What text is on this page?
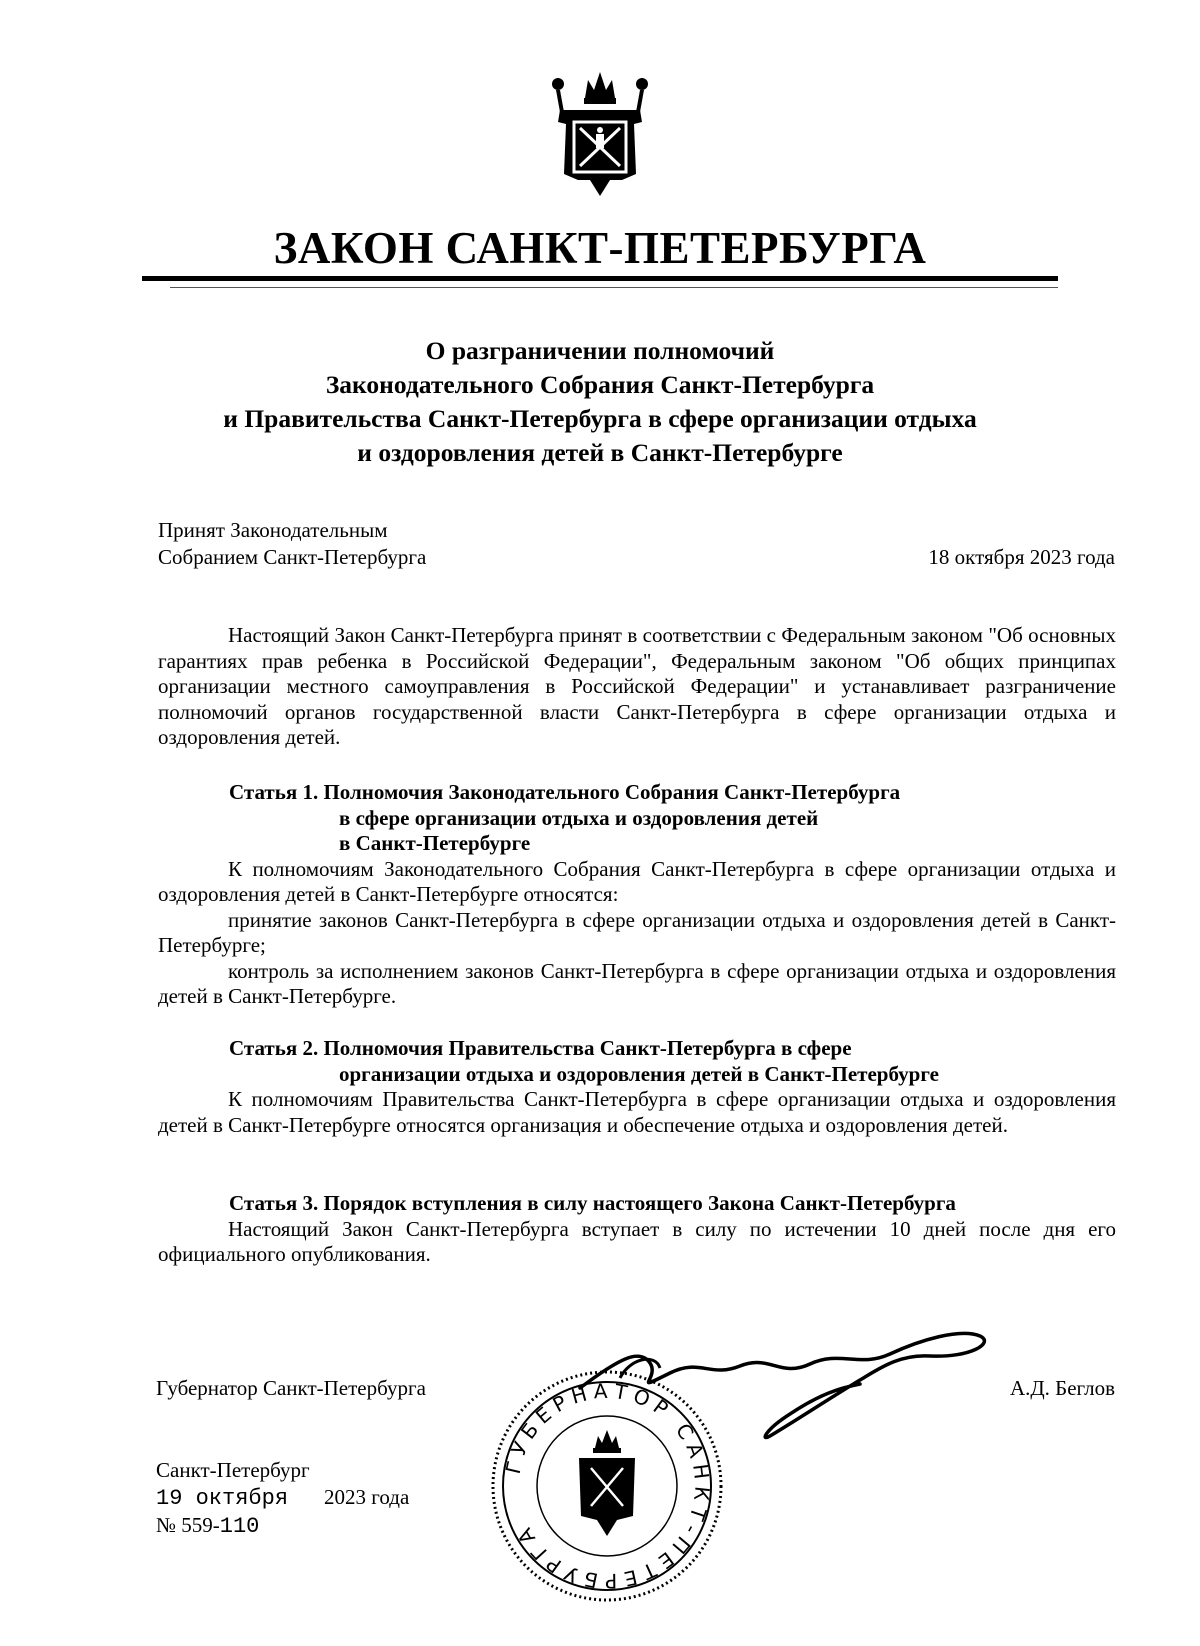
ЗАКОН САНКТ-ПЕТЕРБУРГА
О разграничении полномочий
Законодательного Собрания Санкт-Петербурга
и Правительства Санкт-Петербурга в сфере организации отдыха
и оздоровления детей в Санкт-Петербурге
Принят Законодательным
Собранием Санкт-Петербурга	18 октября 2023 года

Настоящий Закон Санкт-Петербурга принят в соответствии с Федеральным законом "Об основных гарантиях прав ребенка в Российской Федерации", Федеральным законом "Об общих принципах организации местного самоуправления в Российской Федерации" и устанавливает разграничение полномочий органов государственной власти Санкт-Петербурга в сфере организации отдыха и оздоровления детей.

Статья 1. Полномочия Законодательного Собрания Санкт-Петербурга
в сфере организации отдыха и оздоровления детей
в Санкт-Петербурге

К полномочиям Законодательного Собрания Санкт-Петербурга в сфере организации отдыха и оздоровления детей в Санкт-Петербурге относятся:

принятие законов Санкт-Петербурга в сфере организации отдыха и оздоровления детей в Санкт-Петербурге;

контроль за исполнением законов Санкт-Петербурга в сфере организации отдыха и оздоровления детей в Санкт-Петербурге.

Статья 2. Полномочия Правительства Санкт-Петербурга в сфере
организации отдыха и оздоровления детей в Санкт-Петербурге

К полномочиям Правительства Санкт-Петербурга в сфере организации отдыха и оздоровления детей в Санкт-Петербурге относятся организация и обеспечение отдыха и оздоровления детей.

Статья 3. Порядок вступления в силу настоящего Закона Санкт-Петербурга

Настоящий Закон Санкт-Петербурга вступает в силу по истечении 10 дней после дня его официального опубликования.

Губернатор Санкт-Петербурга	А.Д. Беглов
ГУБЕРНАТОР САНКТ-ПЕТЕРБУРГА
Санкт-Петербург
19 октября 2023 года
№ 559-110
